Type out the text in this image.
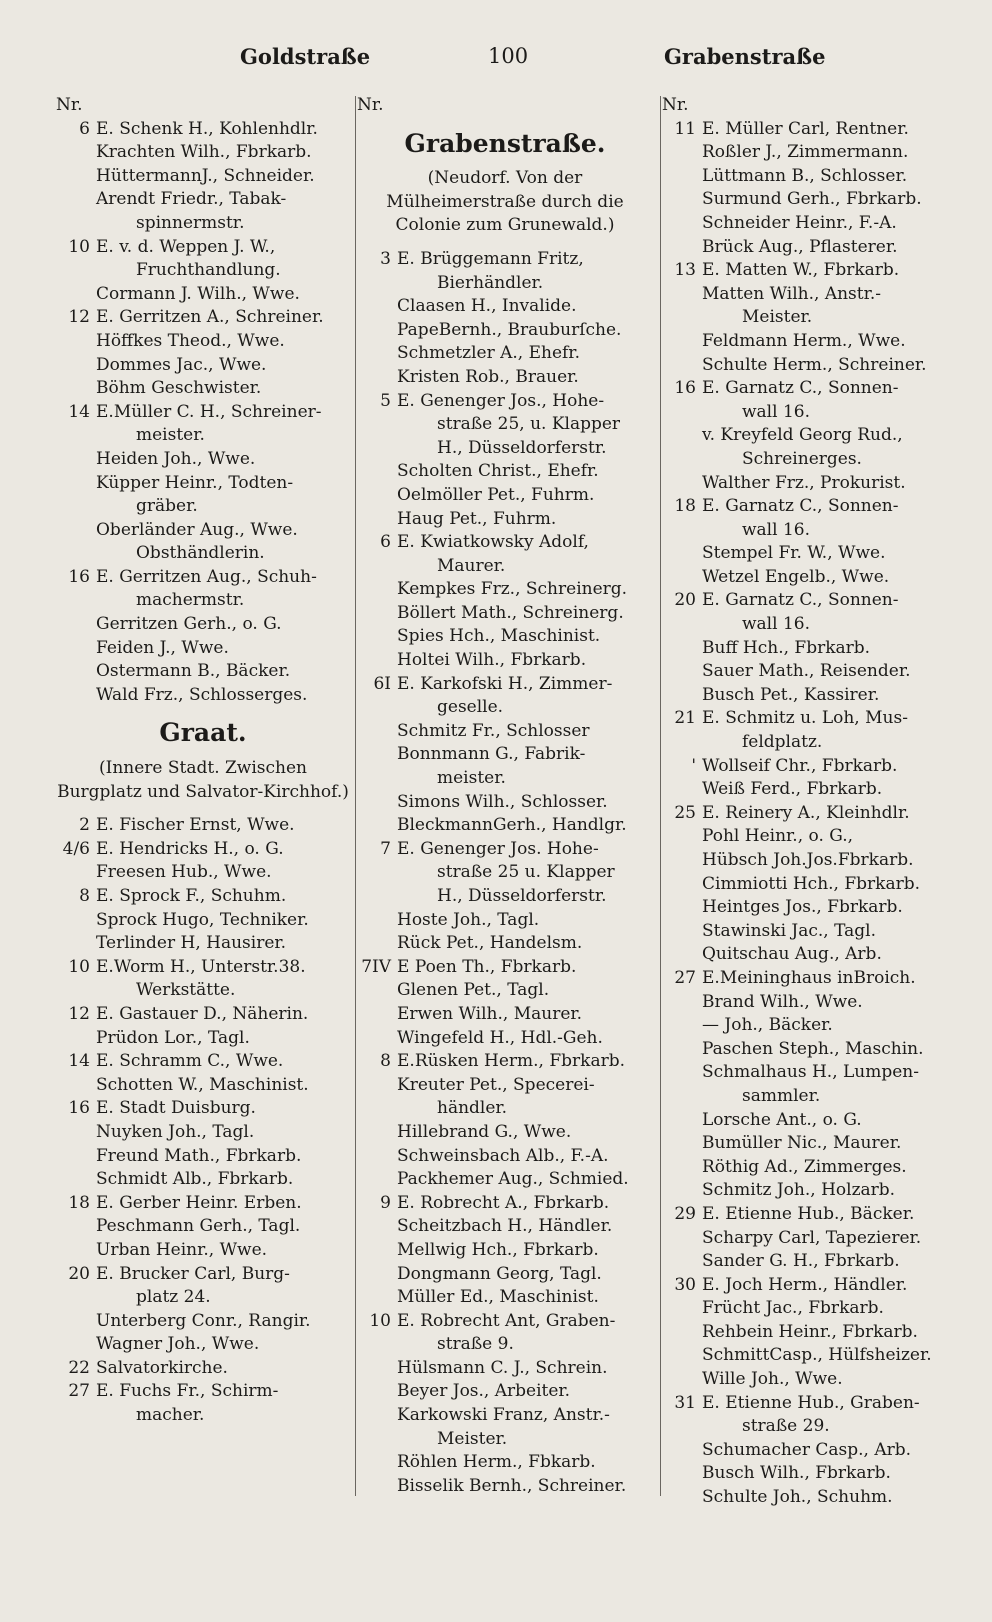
Goldstraße	100	Grabenstraße
Nr.
6 E. Schenk H., Kohlenhdlr.
Krachten Wilh., Fbrkarb.
HüttermannJ., Schneider.
Arendt Friedr., Tabak-
spinnermstr.
10 E. v. d. Weppen J. W.,
Fruchthandlung.
Cormann J. Wilh., Wwe.
12 E. Gerritzen A., Schreiner.
Höffkes Theod., Wwe.
Dommes Jac., Wwe.
Böhm Geschwister.
14 E.Müller C. H., Schreiner-
meister.
Heiden Joh., Wwe.
Küpper Heinr., Todten-
gräber.
Oberländer Aug., Wwe.
Obsthändlerin.
16 E. Gerritzen Aug., Schuh-
machermstr.
Gerritzen Gerh., o. G.
Feiden J., Wwe.
Ostermann B., Bäcker.
Wald Frz., Schlosserges.
Graat.
(Innere Stadt. Zwischen Burgplatz und Salvator-Kirchhof.)
2 E. Fischer Ernst, Wwe.
4/6 E. Hendricks H., o. G.
Freesen Hub., Wwe.
8 E. Sprock F., Schuhm.
Sprock Hugo, Techniker.
Terlinder H, Hausirer.
10 E.Worm H., Unterstr.38.
Werkstätte.
12 E. Gastauer D., Näherin.
Prüdon Lor., Tagl.
14 E. Schramm C., Wwe.
Schotten W., Maschinist.
16 E. Stadt Duisburg.
Nuyken Joh., Tagl.
Freund Math., Fbrkarb.
Schmidt Alb., Fbrkarb.
18 E. Gerber Heinr. Erben.
Peschmann Gerh., Tagl.
Urban Heinr., Wwe.
20 E. Brucker Carl, Burg-
platz 24.
Unterberg Conr., Rangir.
Wagner Joh., Wwe.
22 Salvatorkirche.
27 E. Fuchs Fr., Schirm-
macher.
Nr.
Grabenstraße.
(Neudorf. Von der Mülheimerstraße durch die Colonie zum Grunewald.)
3 E. Brüggemann Fritz,
Bierhändler.
Claasen H., Invalide.
PapeBernh., Brauburſche.
Schmetzler A., Ehefr.
Kristen Rob., Brauer.
5 E. Genenger Jos., Hohe-
straße 25, u. Klapper
H., Düsseldorferstr.
Scholten Christ., Ehefr.
Oelmöller Pet., Fuhrm.
Haug Pet., Fuhrm.
6 E. Kwiatkowsky Adolf,
Maurer.
Kempkes Frz., Schreinerg.
Böllert Math., Schreinerg.
Spies Hch., Maschinist.
Holtei Wilh., Fbrkarb.
6I E. Karkofski H., Zimmer-
geselle.
Schmitz Fr., Schlosser
Bonnmann G., Fabrik-
meister.
Simons Wilh., Schlosser.
BleckmannGerh., Handlgr.
7 E. Genenger Jos. Hohe-
straße 25 u. Klapper
H., Düsseldorferstr.
Hoste Joh., Tagl.
Rück Pet., Handelsm.
7IV E Poen Th., Fbrkarb.
Glenen Pet., Tagl.
Erwen Wilh., Maurer.
Wingefeld H., Hdl.-Geh.
8 E.Rüsken Herm., Fbrkarb.
Kreuter Pet., Specerei-
händler.
Hillebrand G., Wwe.
Schweinsbach Alb., F.-A.
Packhemer Aug., Schmied.
9 E. Robrecht A., Fbrkarb.
Scheitzbach H., Händler.
Mellwig Hch., Fbrkarb.
Dongmann Georg, Tagl.
Müller Ed., Maschinist.
10 E. Robrecht Ant, Graben-
straße 9.
Hülsmann C. J., Schrein.
Beyer Jos., Arbeiter.
Karkowski Franz, Anstr.-
Meister.
Röhlen Herm., Fbkarb.
Bisselik Bernh., Schreiner.
Nr.
11 E. Müller Carl, Rentner.
Roßler J., Zimmermann.
Lüttmann B., Schlosser.
Surmund Gerh., Fbrkarb.
Schneider Heinr., F.-A.
Brück Aug., Pflasterer.
13 E. Matten W., Fbrkarb.
Matten Wilh., Anstr.-
Meister.
Feldmann Herm., Wwe.
Schulte Herm., Schreiner.
16 E. Garnatz C., Sonnen-
wall 16.
v. Kreyfeld Georg Rud.,
Schreinerges.
Walther Frz., Prokurist.
18 E. Garnatz C., Sonnen-
wall 16.
Stempel Fr. W., Wwe.
Wetzel Engelb., Wwe.
20 E. Garnatz C., Sonnen-
wall 16.
Buff Hch., Fbrkarb.
Sauer Math., Reisender.
Busch Pet., Kassirer.
21 E. Schmitz u. Loh, Mus-
feldplatz.
' Wollseif Chr., Fbrkarb.
Weiß Ferd., Fbrkarb.
25 E. Reinery A., Kleinhdlr.
Pohl Heinr., o. G.,
Hübsch Joh.Jos.Fbrkarb.
Cimmiotti Hch., Fbrkarb.
Heintges Jos., Fbrkarb.
Stawinski Jac., Tagl.
Quitschau Aug., Arb.
27 E.Meininghaus inBroich.
Brand Wilh., Wwe.
— Joh., Bäcker.
Paschen Steph., Maschin.
Schmalhaus H., Lumpen-
sammler.
Lorsche Ant., o. G.
Bumüller Nic., Maurer.
Röthig Ad., Zimmerges.
Schmitz Joh., Holzarb.
29 E. Etienne Hub., Bäcker.
Scharpy Carl, Tapezierer.
Sander G. H., Fbrkarb.
30 E. Joch Herm., Händler.
Frücht Jac., Fbrkarb.
Rehbein Heinr., Fbrkarb.
SchmittCasp., Hülfsheizer.
Wille Joh., Wwe.
31 E. Etienne Hub., Graben-
straße 29.
Schumacher Casp., Arb.
Busch Wilh., Fbrkarb.
Schulte Joh., Schuhm.
